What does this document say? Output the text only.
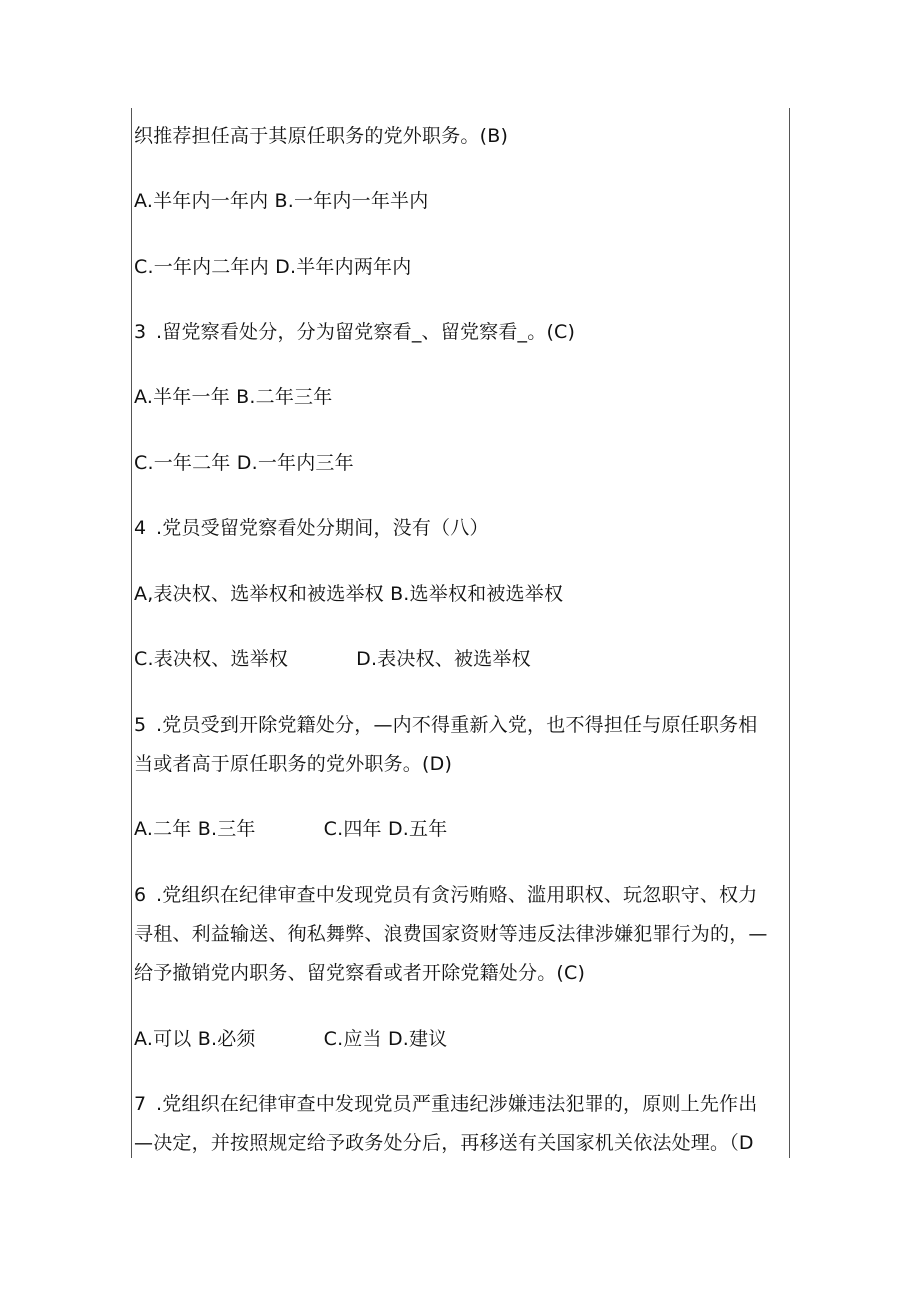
织推荐担任高于其原任职务的党外职务。(B)
A.半年内一年内 B.一年内一年半内
C.一年内二年内 D.半年内两年内
3 .留党察看处分，分为留党察看_、留党察看_。(C)
A.半年一年 B.二年三年
C.一年二年 D.一年内三年
4 .党员受留党察看处分期间，没有（八）
A,表决权、选举权和被选举权 B.选举权和被选举权
C.表决权、选举权	D.表决权、被选举权
5 .党员受到开除党籍处分，—内不得重新入党，也不得担任与原任职务相
当或者高于原任职务的党外职务。(D)
A.二年 B.三年	C.四年 D.五年
6 .党组织在纪律审查中发现党员有贪污贿赂、滥用职权、玩忽职守、权力
寻租、利益输送、徇私舞弊、浪费国家资财等违反法律涉嫌犯罪行为的，—
给予撤销党内职务、留党察看或者开除党籍处分。(C)
A.可以 B.必须	C.应当 D.建议
7 .党组织在纪律审查中发现党员严重违纪涉嫌违法犯罪的，原则上先作出
—决定，并按照规定给予政务处分后，再移送有关国家机关依法处理。（D
